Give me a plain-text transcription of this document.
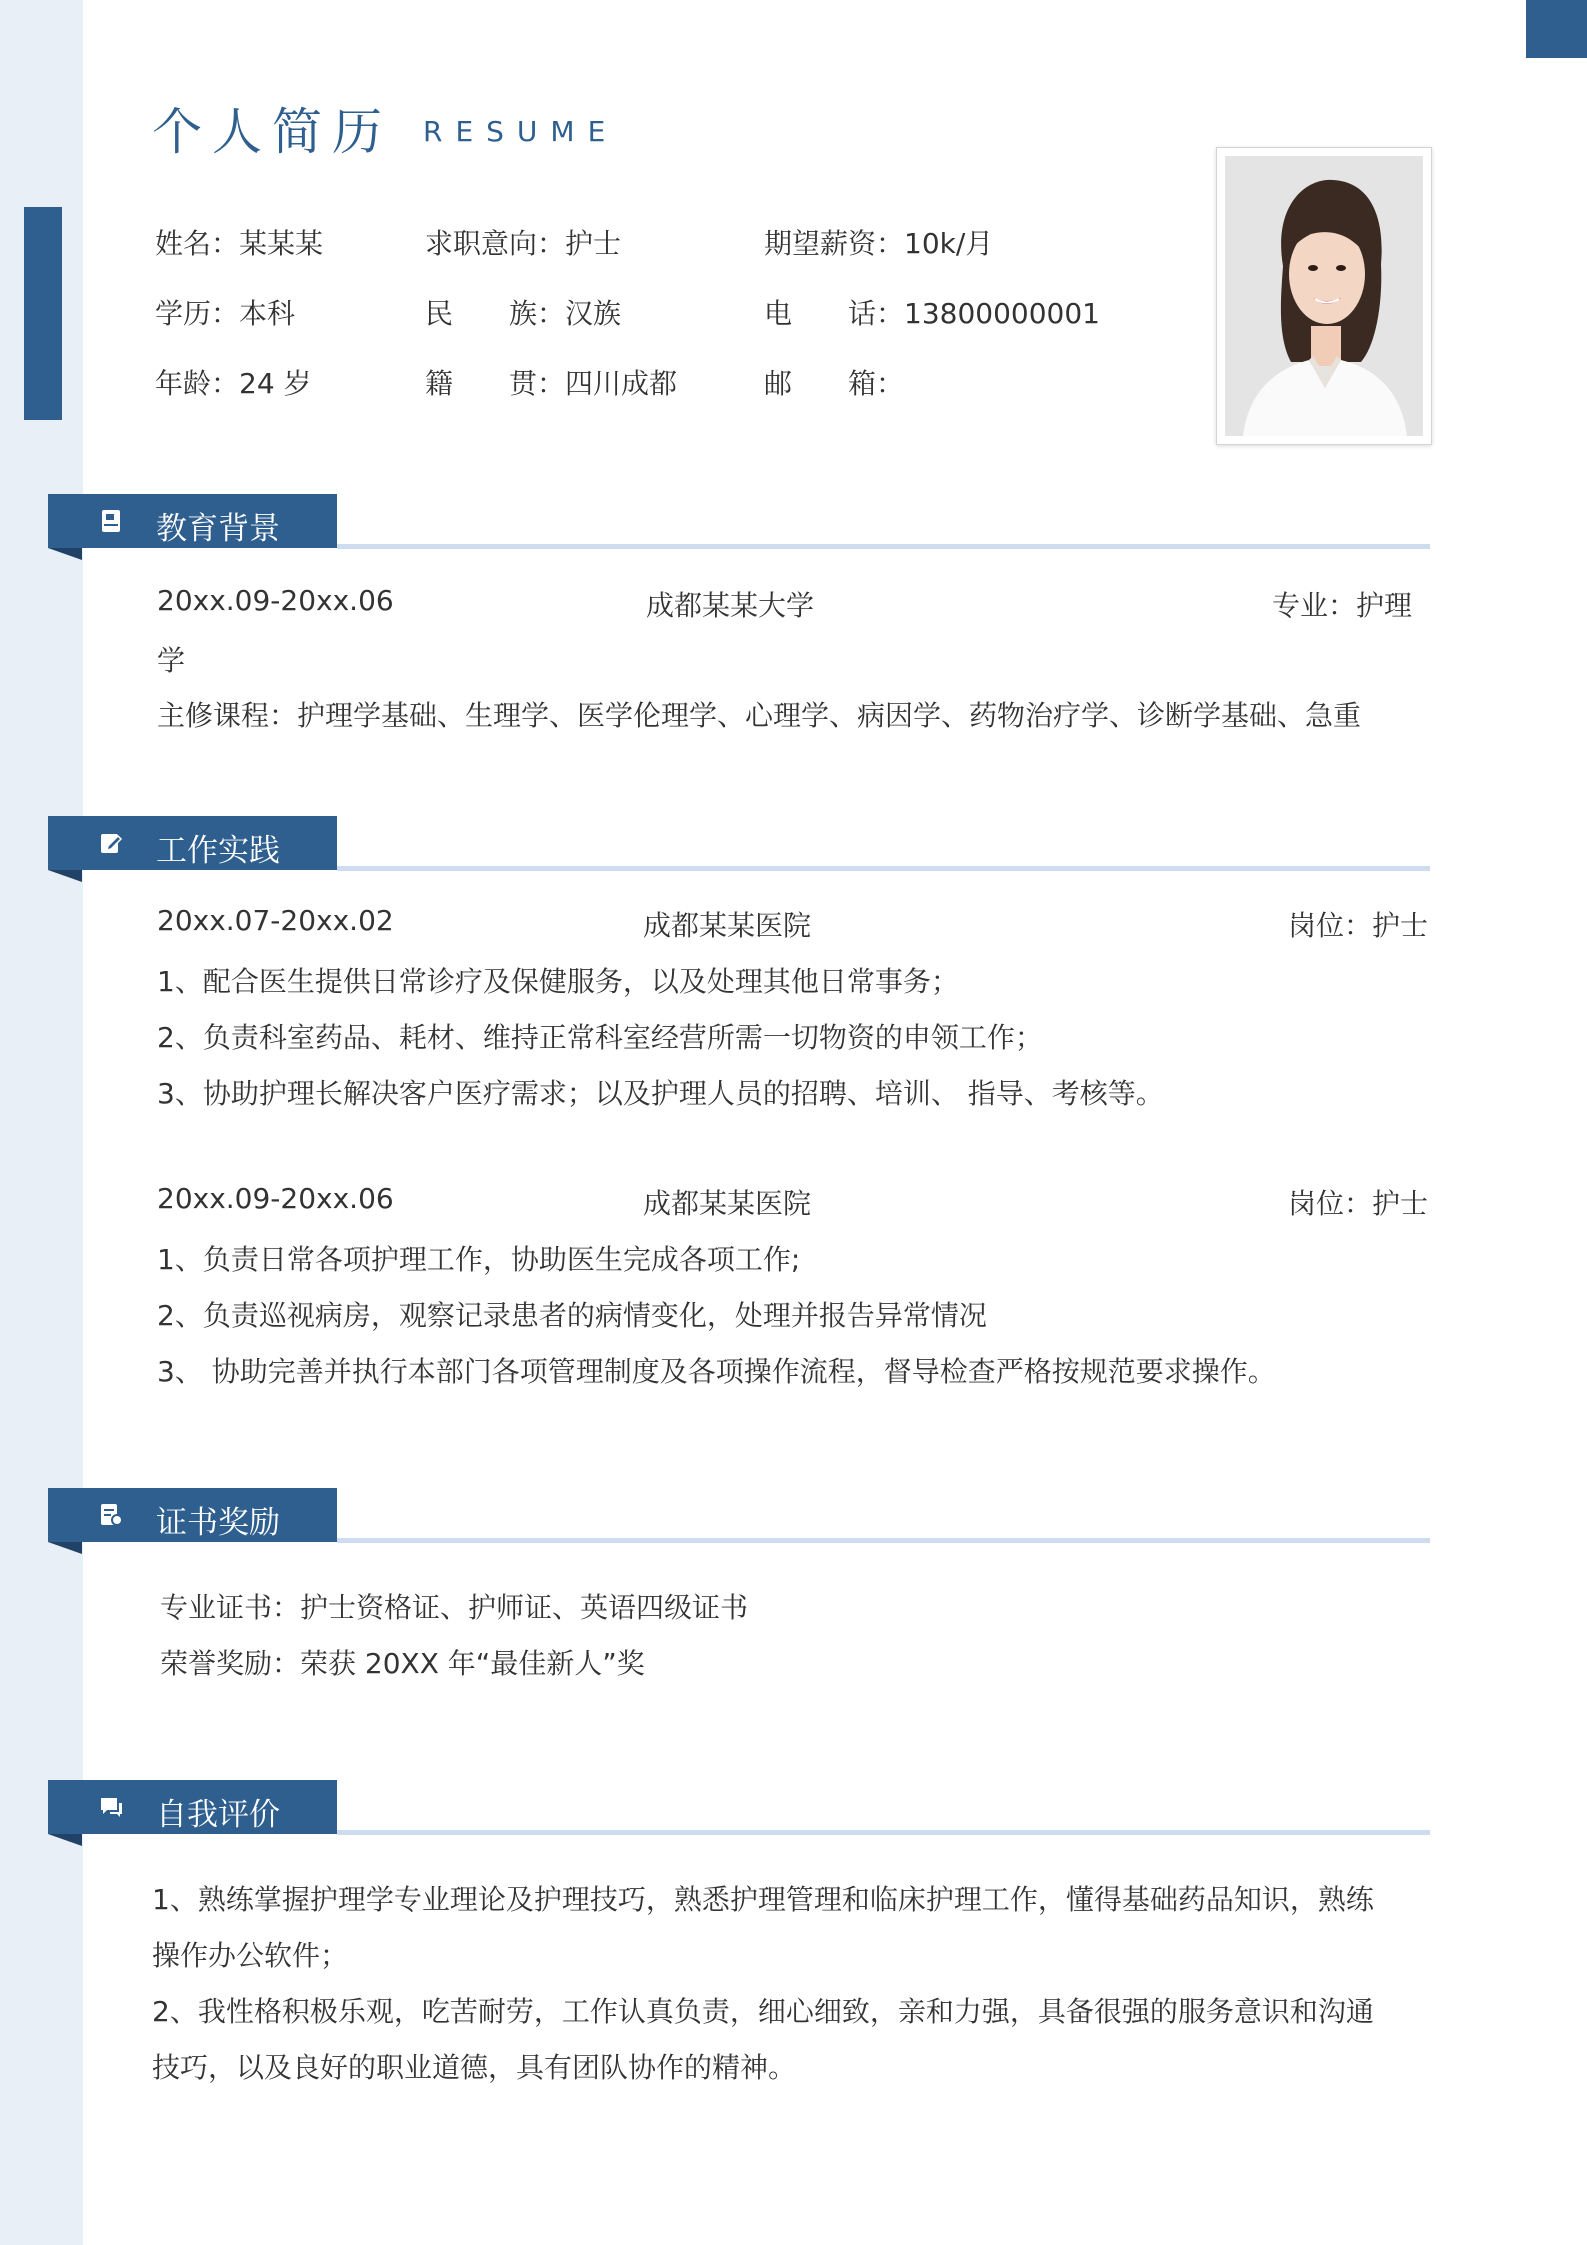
个人简历 RESUME
姓名：某某某	求职意向：护士	期望薪资：10k/月
学历：本科	民　　族：汉族	电　　话：13800000001
年龄：24 岁	籍　　贯：四川成都	邮　　箱：
教育背景
20xx.09-20xx.06	成都某某大学	专业：护理
学
主修课程：护理学基础、生理学、医学伦理学、心理学、病因学、药物治疗学、诊断学基础、急重
工作实践
20xx.07-20xx.02	成都某某医院	岗位：护士
1、配合医生提供日常诊疗及保健服务，以及处理其他日常事务；
2、负责科室药品、耗材、维持正常科室经营所需一切物资的申领工作；
3、协助护理长解决客户医疗需求；以及护理人员的招聘、培训、 指导、考核等。
20xx.09-20xx.06	成都某某医院	岗位：护士
1、负责日常各项护理工作，协助医生完成各项工作;
2、负责巡视病房，观察记录患者的病情变化，处理并报告异常情况
3、 协助完善并执行本部门各项管理制度及各项操作流程，督导检查严格按规范要求操作。
证书奖励
专业证书：护士资格证、护师证、英语四级证书
荣誉奖励：荣获 20XX 年“最佳新人”奖
自我评价
1、熟练掌握护理学专业理论及护理技巧，熟悉护理管理和临床护理工作，懂得基础药品知识，熟练
操作办公软件；
2、我性格积极乐观，吃苦耐劳，工作认真负责，细心细致，亲和力强，具备很强的服务意识和沟通
技巧，以及良好的职业道德，具有团队协作的精神。
